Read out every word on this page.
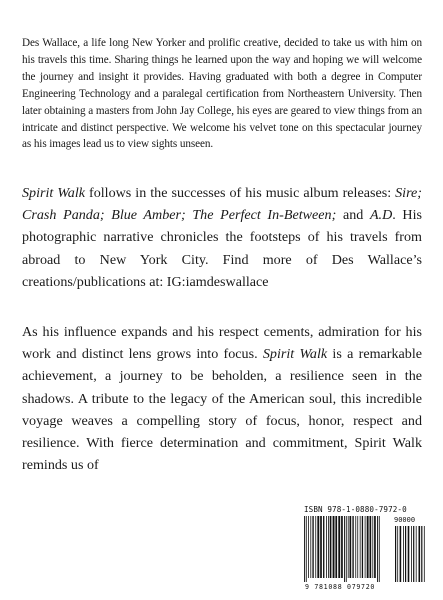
Des Wallace, a life long New Yorker and prolific creative, decided to take us with him on his travels this time. Sharing things he learned upon the way and hoping we will welcome the journey and insight it provides. Having graduated with both a degree in Computer Engineering Technology and a paralegal certification from Northeastern University. Then later obtaining a masters from John Jay College, his eyes are geared to view things from an intricate and distinct perspective. We welcome his velvet tone on this spectacular journey as his images lead us to view sights unseen.

Spirit Walk follows in the successes of his music album releases: Sire; Crash Panda; Blue Amber; The Perfect In-Between; and A.D. His photographic narrative chronicles the footsteps of his travels from abroad to New York City. Find more of Des Wallace’s creations/publications at: IG:iamdeswallace

As his influence expands and his respect cements, admiration for his work and distinct lens grows into focus. Spirit Walk is a remarkable achievement, a journey to be beholden, a resilience seen in the shadows. A tribute to the legacy of the American soul, this incredible voyage weaves a compelling story of focus, honor, respect and resilience. With fierce determination and commitment, Spirit Walk reminds us of

ISBN 978-1-0880-7972-0
90000
9 781088 079720
